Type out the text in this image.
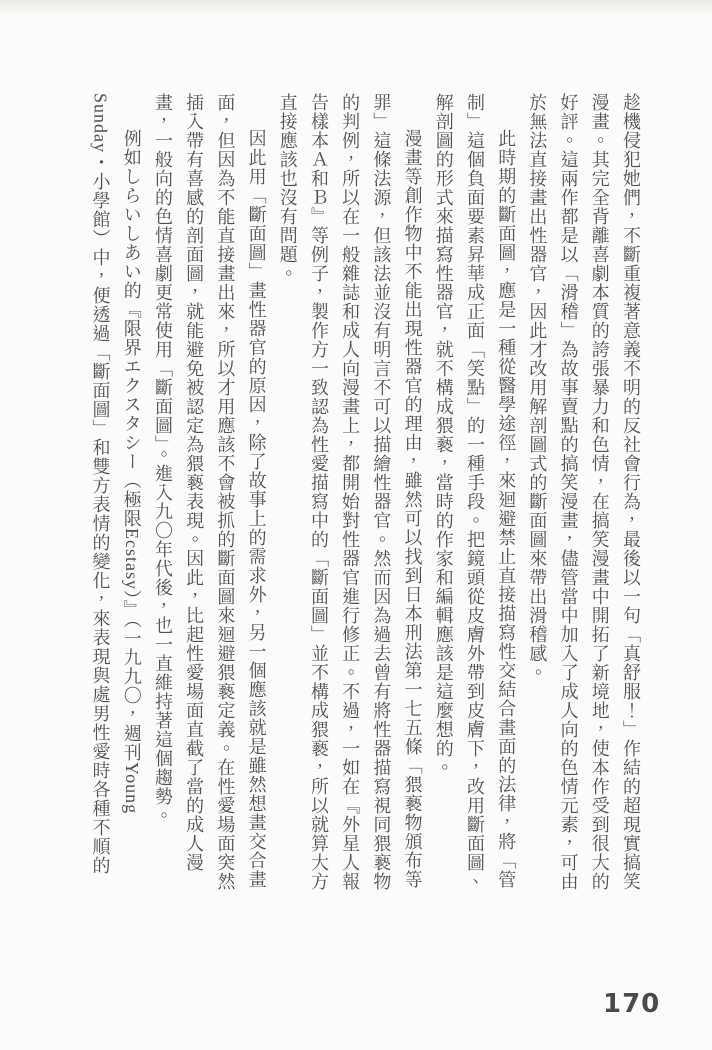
趁機侵犯她們，不斷重複著意義不明的反社會行為，最後以一句「真舒服！」作結的超現實搞笑漫畫。其完全背離喜劇本質的誇張暴力和色情，在搞笑漫畫中開拓了新境地，使本作受到很大的好評。這兩作都是以「滑稽」為故事賣點的搞笑漫畫，儘管當中加入了成人向的色情元素，可由於無法直接畫出性器官，因此才改用解剖圖式的斷面圖來帶出滑稽感。

此時期的斷面圖，應是一種從醫學途徑，來迴避禁止直接描寫性交結合畫面的法律，將「管制」這個負面要素昇華成正面「笑點」的一種手段。把鏡頭從皮膚外帶到皮膚下，改用斷面圖、解剖圖的形式來描寫性器官，就不構成猥褻，當時的作家和編輯應該是這麼想的。

漫畫等創作物中不能出現性器官的理由，雖然可以找到日本刑法第一七五條「猥褻物頒布等罪」這條法源，但該法並沒有明言不可以描繪性器官。然而因為過去曾有將性器描寫視同猥褻物的判例，所以在一般雜誌和成人向漫畫上，都開始對性器官進行修正。不過，一如在『外星人報告樣本Ａ和Ｂ』等例子，製作方一致認為性愛描寫中的「斷面圖」並不構成猥褻，所以就算大方直接應該也沒有問題。

因此用「斷面圖」畫性器官的原因，除了故事上的需求外，另一個應該就是雖然想畫交合畫面，但因為不能直接畫出來，所以才用應該不會被抓的斷面圖來迴避猥褻定義。在性愛場面突然插入帶有喜感的剖面圖，就能避免被認定為猥褻表現。因此，比起性愛場面直截了當的成人漫畫，一般向的色情喜劇更常使用「斷面圖」。進入九〇年代後，也一直維持著這個趨勢。

例如しらいしあい的『限界エクスタシー（極限Ecstasy）』（一九九〇，週刊Young Sunday・小學館）中，便透過「斷面圖」和雙方表情的變化，來表現與處男性愛時各種不順的

170
